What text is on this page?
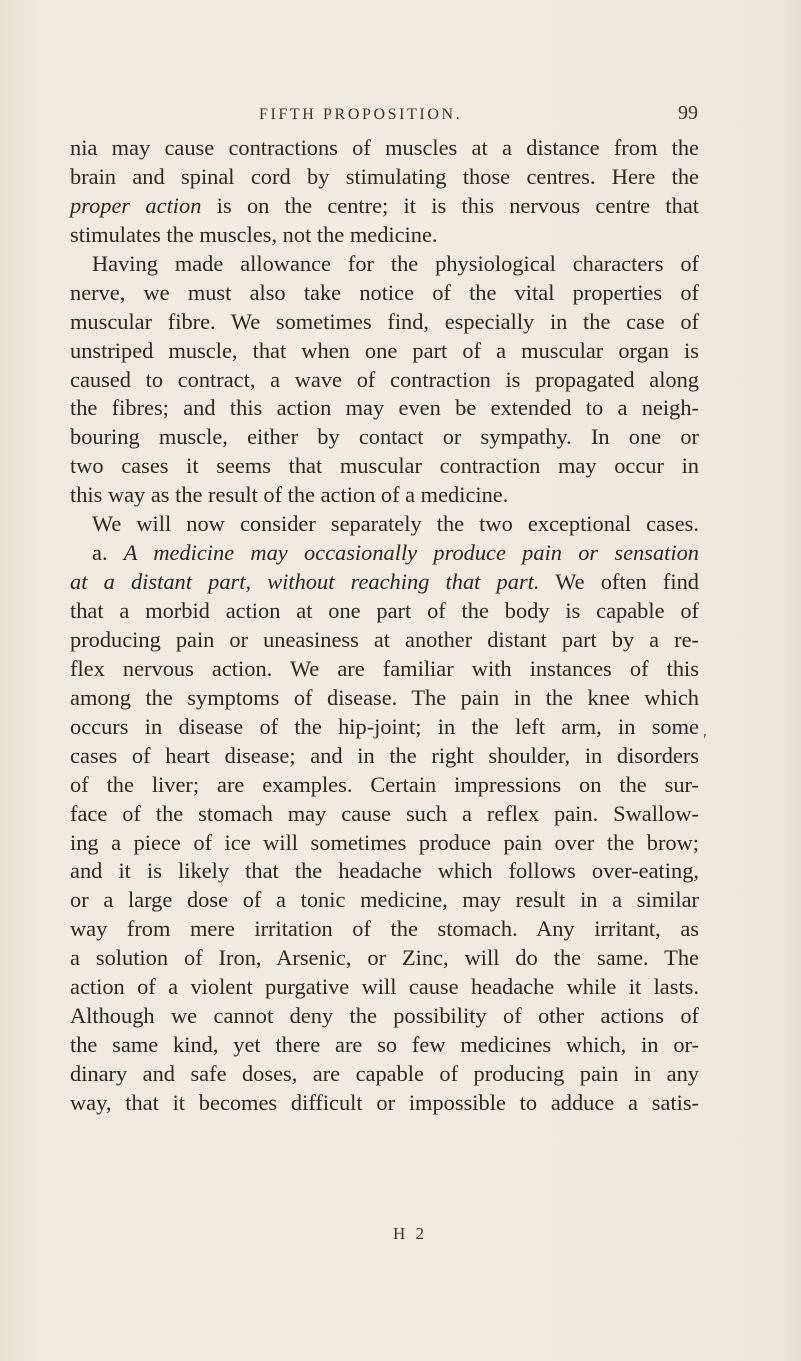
FIFTH PROPOSITION.	99
nia may cause contractions of muscles at a distance from the
brain and spinal cord by stimulating those centres. Here the
proper action is on the centre; it is this nervous centre that
stimulates the muscles, not the medicine.
Having made allowance for the physiological characters of
nerve, we must also take notice of the vital properties of
muscular fibre. We sometimes find, especially in the case of
unstriped muscle, that when one part of a muscular organ is
caused to contract, a wave of contraction is propagated along
the fibres; and this action may even be extended to a neigh-
bouring muscle, either by contact or sympathy. In one or
two cases it seems that muscular contraction may occur in
this way as the result of the action of a medicine.
We will now consider separately the two exceptional cases.
a. A medicine may occasionally produce pain or sensation
at a distant part, without reaching that part. We often find
that a morbid action at one part of the body is capable of
producing pain or uneasiness at another distant part by a re-
flex nervous action. We are familiar with instances of this
among the symptoms of disease. The pain in the knee which
occurs in disease of the hip-joint; in the left arm, in some
cases of heart disease; and in the right shoulder, in disorders
of the liver; are examples. Certain impressions on the sur-
face of the stomach may cause such a reflex pain. Swallow-
ing a piece of ice will sometimes produce pain over the brow;
and it is likely that the headache which follows over-eating,
or a large dose of a tonic medicine, may result in a similar
way from mere irritation of the stomach. Any irritant, as
a solution of Iron, Arsenic, or Zinc, will do the same. The
action of a violent purgative will cause headache while it lasts.
Although we cannot deny the possibility of other actions of
the same kind, yet there are so few medicines which, in or-
dinary and safe doses, are capable of producing pain in any
way, that it becomes difficult or impossible to adduce a satis-
′
H 2
